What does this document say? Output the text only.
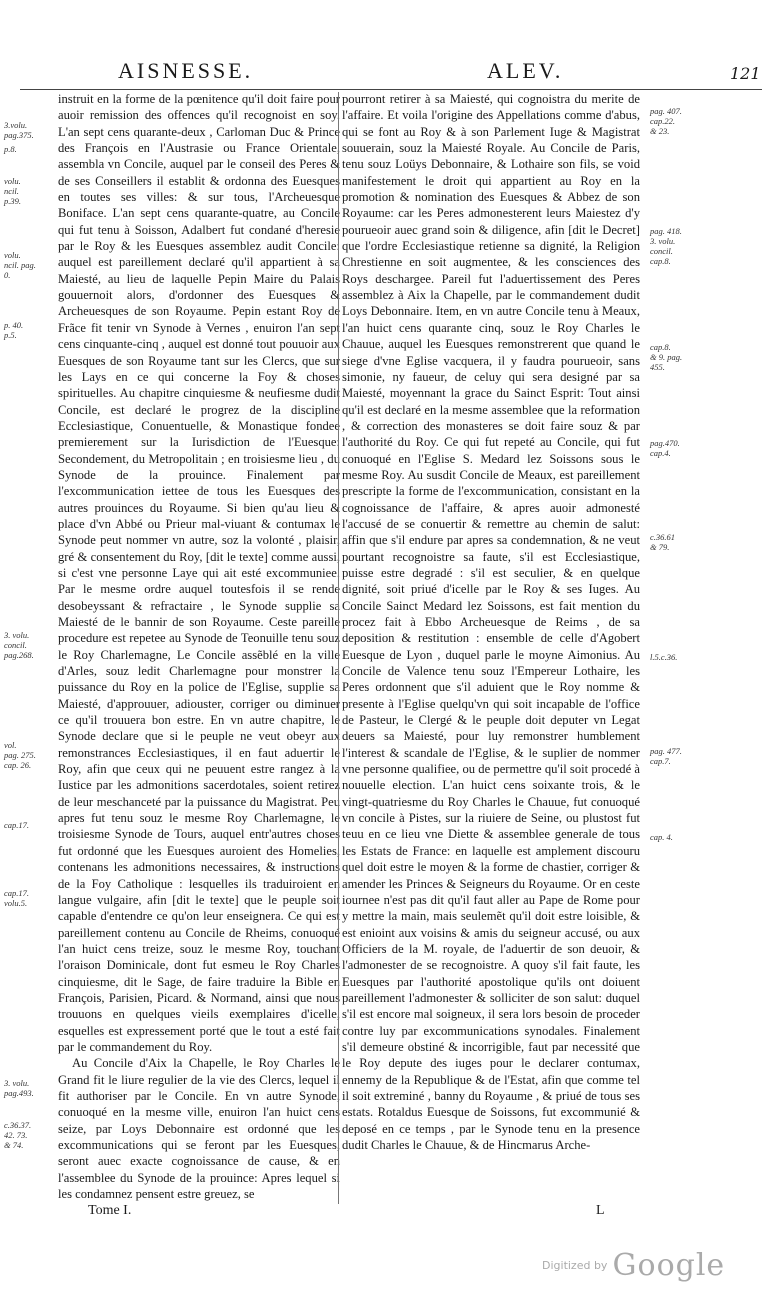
AISNESSE.	ALEV.	121
3.volu.
pag.375.
p.8.
volu.
ncil.
p.39.
volu.
ncil. pag.
0.
p. 40.
p.5.
3. volu.
concil.
pag.268.
vol.
pag. 275.
cap. 26.
cap.17.
cap.17.
volu.5.
3. volu.
pag.493.
c.36.37.
42. 73.
& 74.

instruit en la forme de la pœnitence qu'il doit faire pour auoir remission des offences qu'il recognoist en soy. L'an sept cens quarante-deux , Carloman Duc & Prince des François en l'Austrasie ou France Orientale, assembla vn Concile, auquel par le conseil des Peres & de ses Conseillers il establit & ordonna des Euesques en toutes ses villes: & sur tous, l'Archeuesque Boniface. L'an sept cens quarante-quatre, au Concile qui fut tenu à Soisson, Adalbert fut condané d'heresie par le Roy & les Euesques assemblez audit Concile: auquel est pareillement declaré qu'il appartient à sa Maiesté, au lieu de laquelle Pepin Maire du Palais gouuernoit alors, d'ordonner des Euesques & Archeuesques de son Royaume. Pepin estant Roy de Frãce fit tenir vn Synode à Vernes , enuiron l'an sept cens cinquante-cinq , auquel est donné tout pouuoir aux Euesques de son Royaume tant sur les Clercs, que sur les Lays en ce qui concerne la Foy & choses spirituelles. Au chapitre cinquiesme & neufiesme dudit Concile, est declaré le progrez de la discipline Ecclesiastique, Conuentuelle, & Monastique fondee premierement sur la Iurisdiction de l'Euesque: Secondement, du Metropolitain ; en troisiesme lieu , du Synode de la prouince. Finalement par l'excommunication iettee de tous les Euesques des autres prouinces du Royaume. Si bien qu'au lieu & place d'vn Abbé ou Prieur mal-viuant & contumax le Synode peut nommer vn autre, soz la volonté , plaisir, gré & consentement du Roy, [dit le texte] comme aussi, si c'est vne personne Laye qui ait esté excommuniee. Par le mesme ordre auquel toutesfois il se rende desobeyssant & refractaire , le Synode supplie sa Maiesté de le bannir de son Royaume. Ceste pareille procedure est repetee au Synode de Teonuille tenu souz le Roy Charlemagne, Le Concile assẽblé en la ville d'Arles, souz ledit Charlemagne pour monstrer la puissance du Roy en la police de l'Eglise, supplie sa Maiesté, d'approuuer, adiouster, corriger ou diminuer ce qu'il trouuera bon estre. En vn autre chapitre, le Synode declare que si le peuple ne veut obeyr aux remonstrances Ecclesiastiques, il en faut aduertir le Roy, afin que ceux qui ne peuuent estre rangez à la Iustice par les admonitions sacerdotales, soient retirez de leur meschanceté par la puissance du Magistrat. Peu apres fut tenu souz le mesme Roy Charlemagne, le troisiesme Synode de Tours, auquel entr'autres choses fut ordonné que les Euesques auroient des Homelies, contenans les admonitions necessaires, & instructions de la Foy Catholique : lesquelles ils traduiroient en langue vulgaire, afin [dit le texte] que le peuple soit capable d'entendre ce qu'on leur enseignera. Ce qui est pareillement contenu au Concile de Rheims, conuoqué l'an huict cens treize, souz le mesme Roy, touchant l'oraison Dominicale, dont fut esmeu le Roy Charles cinquiesme, dit le Sage, de faire traduire la Bible en François, Parisien, Picard. & Normand, ainsi que nous trouuons en quelques vieils exemplaires d'icelle, esquelles est expressement porté que le tout a esté fait par le commandement du Roy.

Au Concile d'Aix la Chapelle, le Roy Charles le Grand fit le liure regulier de la vie des Clercs, lequel il fit authoriser par le Concile. En vn autre Synode, conuoqué en la mesme ville, enuiron l'an huict cens seize, par Loys Debonnaire est ordonné que les excommunications qui se feront par les Euesques, seront auec exacte cognoissance de cause, & en l'assemblee du Synode de la prouince: Apres lequel si les condamnez pensent estre greuez, se

pourront retirer à sa Maiesté, qui cognoistra du merite de l'affaire. Et voila l'origine des Appellations comme d'abus, qui se font au Roy & à son Parlement Iuge & Magistrat souuerain, souz la Maiesté Royale. Au Concile de Paris, tenu souz Loüys Debonnaire, & Lothaire son fils, se void manifestement le droit qui appartient au Roy en la promotion & nomination des Euesques & Abbez de son Royaume: car les Peres admonesterent leurs Maiestez d'y pourueoir auec grand soin & diligence, afin [dit le Decret] que l'ordre Ecclesiastique retienne sa dignité, la Religion Chrestienne en soit augmentee, & les consciences des Roys deschargee. Pareil fut l'aduertissement des Peres assemblez à Aix la Chapelle, par le commandement dudit Loys Debonnaire. Item, en vn autre Concile tenu à Meaux, l'an huict cens quarante cinq, souz le Roy Charles le Chauue, auquel les Euesques remonstrerent que quand le siege d'vne Eglise vacquera, il y faudra pourueoir, sans simonie, ny faueur, de celuy qui sera designé par sa Maiesté, moyennant la grace du Sainct Esprit: Tout ainsi qu'il est declaré en la mesme assemblee que la reformation , & correction des monasteres se doit faire souz & par l'authorité du Roy. Ce qui fut repeté au Concile, qui fut conuoqué en l'Eglise S. Medard lez Soissons sous le mesme Roy. Au susdit Concile de Meaux, est pareillement prescripte la forme de l'excommunication, consistant en la cognoissance de l'affaire, & apres auoir admonesté l'accusé de se conuertir & remettre au chemin de salut: affin que s'il endure par apres sa condemnation, & ne veut pourtant recognoistre sa faute, s'il est Ecclesiastique, puisse estre degradé : s'il est seculier, & en quelque dignité, soit priué d'icelle par le Roy & ses Iuges. Au Concile Sainct Medard lez Soissons, est fait mention du procez fait à Ebbo Archeuesque de Reims , de sa deposition & restitution : ensemble de celle d'Agobert Euesque de Lyon , duquel parle le moyne Aimonius. Au Concile de Valence tenu souz l'Empereur Lothaire, les Peres ordonnent que s'il aduient que le Roy nomme & presente à l'Eglise quelqu'vn qui soit incapable de l'office de Pasteur, le Clergé & le peuple doit deputer vn Legat deuers sa Maiesté, pour luy remonstrer humblement l'interest & scandale de l'Eglise, & le suplier de nommer vne personne qualifiee, ou de permettre qu'il soit procedé à nouuelle election. L'an huict cens soixante trois, & le vingt-quatriesme du Roy Charles le Chauue, fut conuoqué vn concile à Pistes, sur la riuiere de Seine, ou plustost fut teuu en ce lieu vne Diette & assemblee generale de tous les Estats de France: en laquelle est amplement discouru quel doit estre le moyen & la forme de chastier, corriger & amender les Princes & Seigneurs du Royaume. Or en ceste iournee n'est pas dit qu'il faut aller au Pape de Rome pour y mettre la main, mais seulemẽt qu'il doit estre loisible, & est enioint aux voisins & amis du seigneur accusé, ou aux Officiers de la M. royale, de l'aduertir de son deuoir, & l'admonester de se recognoistre. A quoy s'il fait faute, les Euesques par l'authorité apostolique qu'ils ont doiuent pareillement l'admonester & solliciter de son salut: duquel s'il est encore mal soigneux, il sera lors besoin de proceder contre luy par excommunications synodales. Finalement s'il demeure obstiné & incorrigible, faut par necessité que le Roy depute des iuges pour le declarer contumax, ennemy de la Republique & de l'Estat, afin que comme tel il soit extreminé , banny du Royaume , & priué de tous ses estats. Rotaldus Euesque de Soissons, fut excommunié & deposé en ce temps , par le Synode tenu en la presence dudit Charles le Chauue, & de Hincmarus Arche-

pag. 407.
cap.22.
& 23.
pag. 418.
3. volu.
concil.
cap.8.
cap.8.
& 9. pag.
455.
pag.470.
cap.4.
c.36.61
& 79.
l.5.c.36.
pag. 477.
cap.7.
cap. 4.
Tome I.	L
Digitized by Google
